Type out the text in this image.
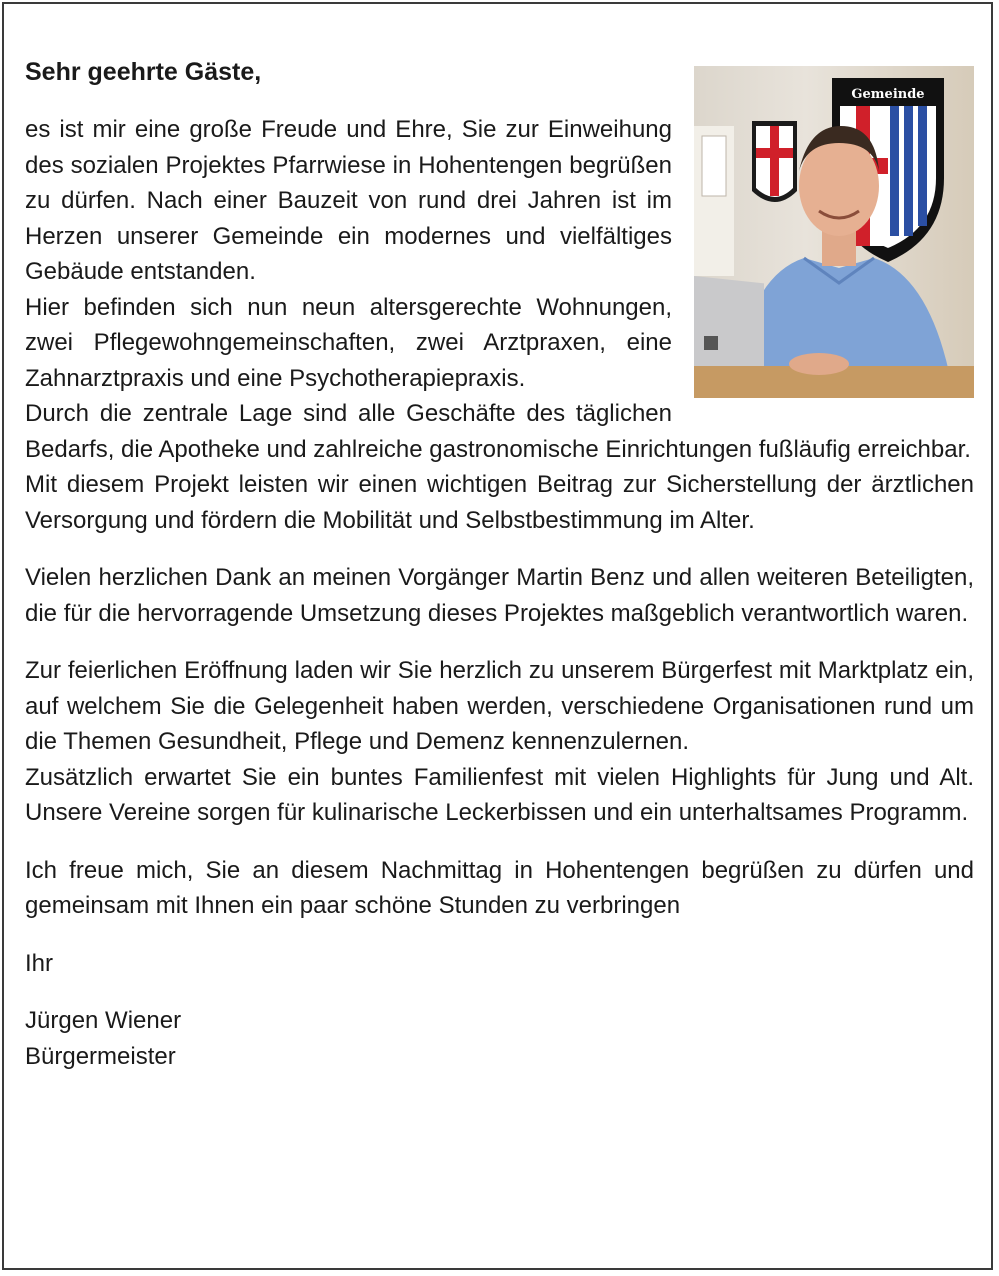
Sehr geehrte Gäste,
Gemeinde

es ist mir eine große Freude und Ehre, Sie zur Einweihung des sozialen Projektes Pfarrwiese in Hohentengen begrüßen zu dürfen. Nach einer Bauzeit von rund drei Jahren ist im Herzen unserer Gemeinde ein modernes und vielfältiges Gebäude entstanden.

Hier befinden sich nun neun altersgerechte Wohnungen, zwei Pflegewohngemeinschaften, zwei Arztpraxen, eine Zahnarztpraxis und eine Psychotherapiepraxis.

Durch die zentrale Lage sind alle Geschäfte des täglichen Bedarfs, die Apotheke und zahlreiche gastronomische Einrichtungen fußläufig erreichbar.

Mit diesem Projekt leisten wir einen wichtigen Beitrag zur Sicherstellung der ärztlichen Versorgung und fördern die Mobilität und Selbstbestimmung im Alter.

Vielen herzlichen Dank an meinen Vorgänger Martin Benz und allen weiteren Beteiligten, die für die hervorragende Umsetzung dieses Projektes maßgeblich verantwortlich waren.

Zur feierlichen Eröffnung laden wir Sie herzlich zu unserem Bürgerfest mit Marktplatz ein, auf welchem Sie die Gelegenheit haben werden, verschiedene Organisationen rund um die Themen Gesundheit, Pflege und Demenz kennenzulernen.

Zusätzlich erwartet Sie ein buntes Familienfest mit vielen Highlights für Jung und Alt. Unsere Vereine sorgen für kulinarische Leckerbissen und ein unterhaltsames Programm.

Ich freue mich, Sie an diesem Nachmittag in Hohentengen begrüßen zu dürfen und gemeinsam mit Ihnen ein paar schöne Stunden zu verbringen

Ihr

Jürgen Wiener
Bürgermeister
